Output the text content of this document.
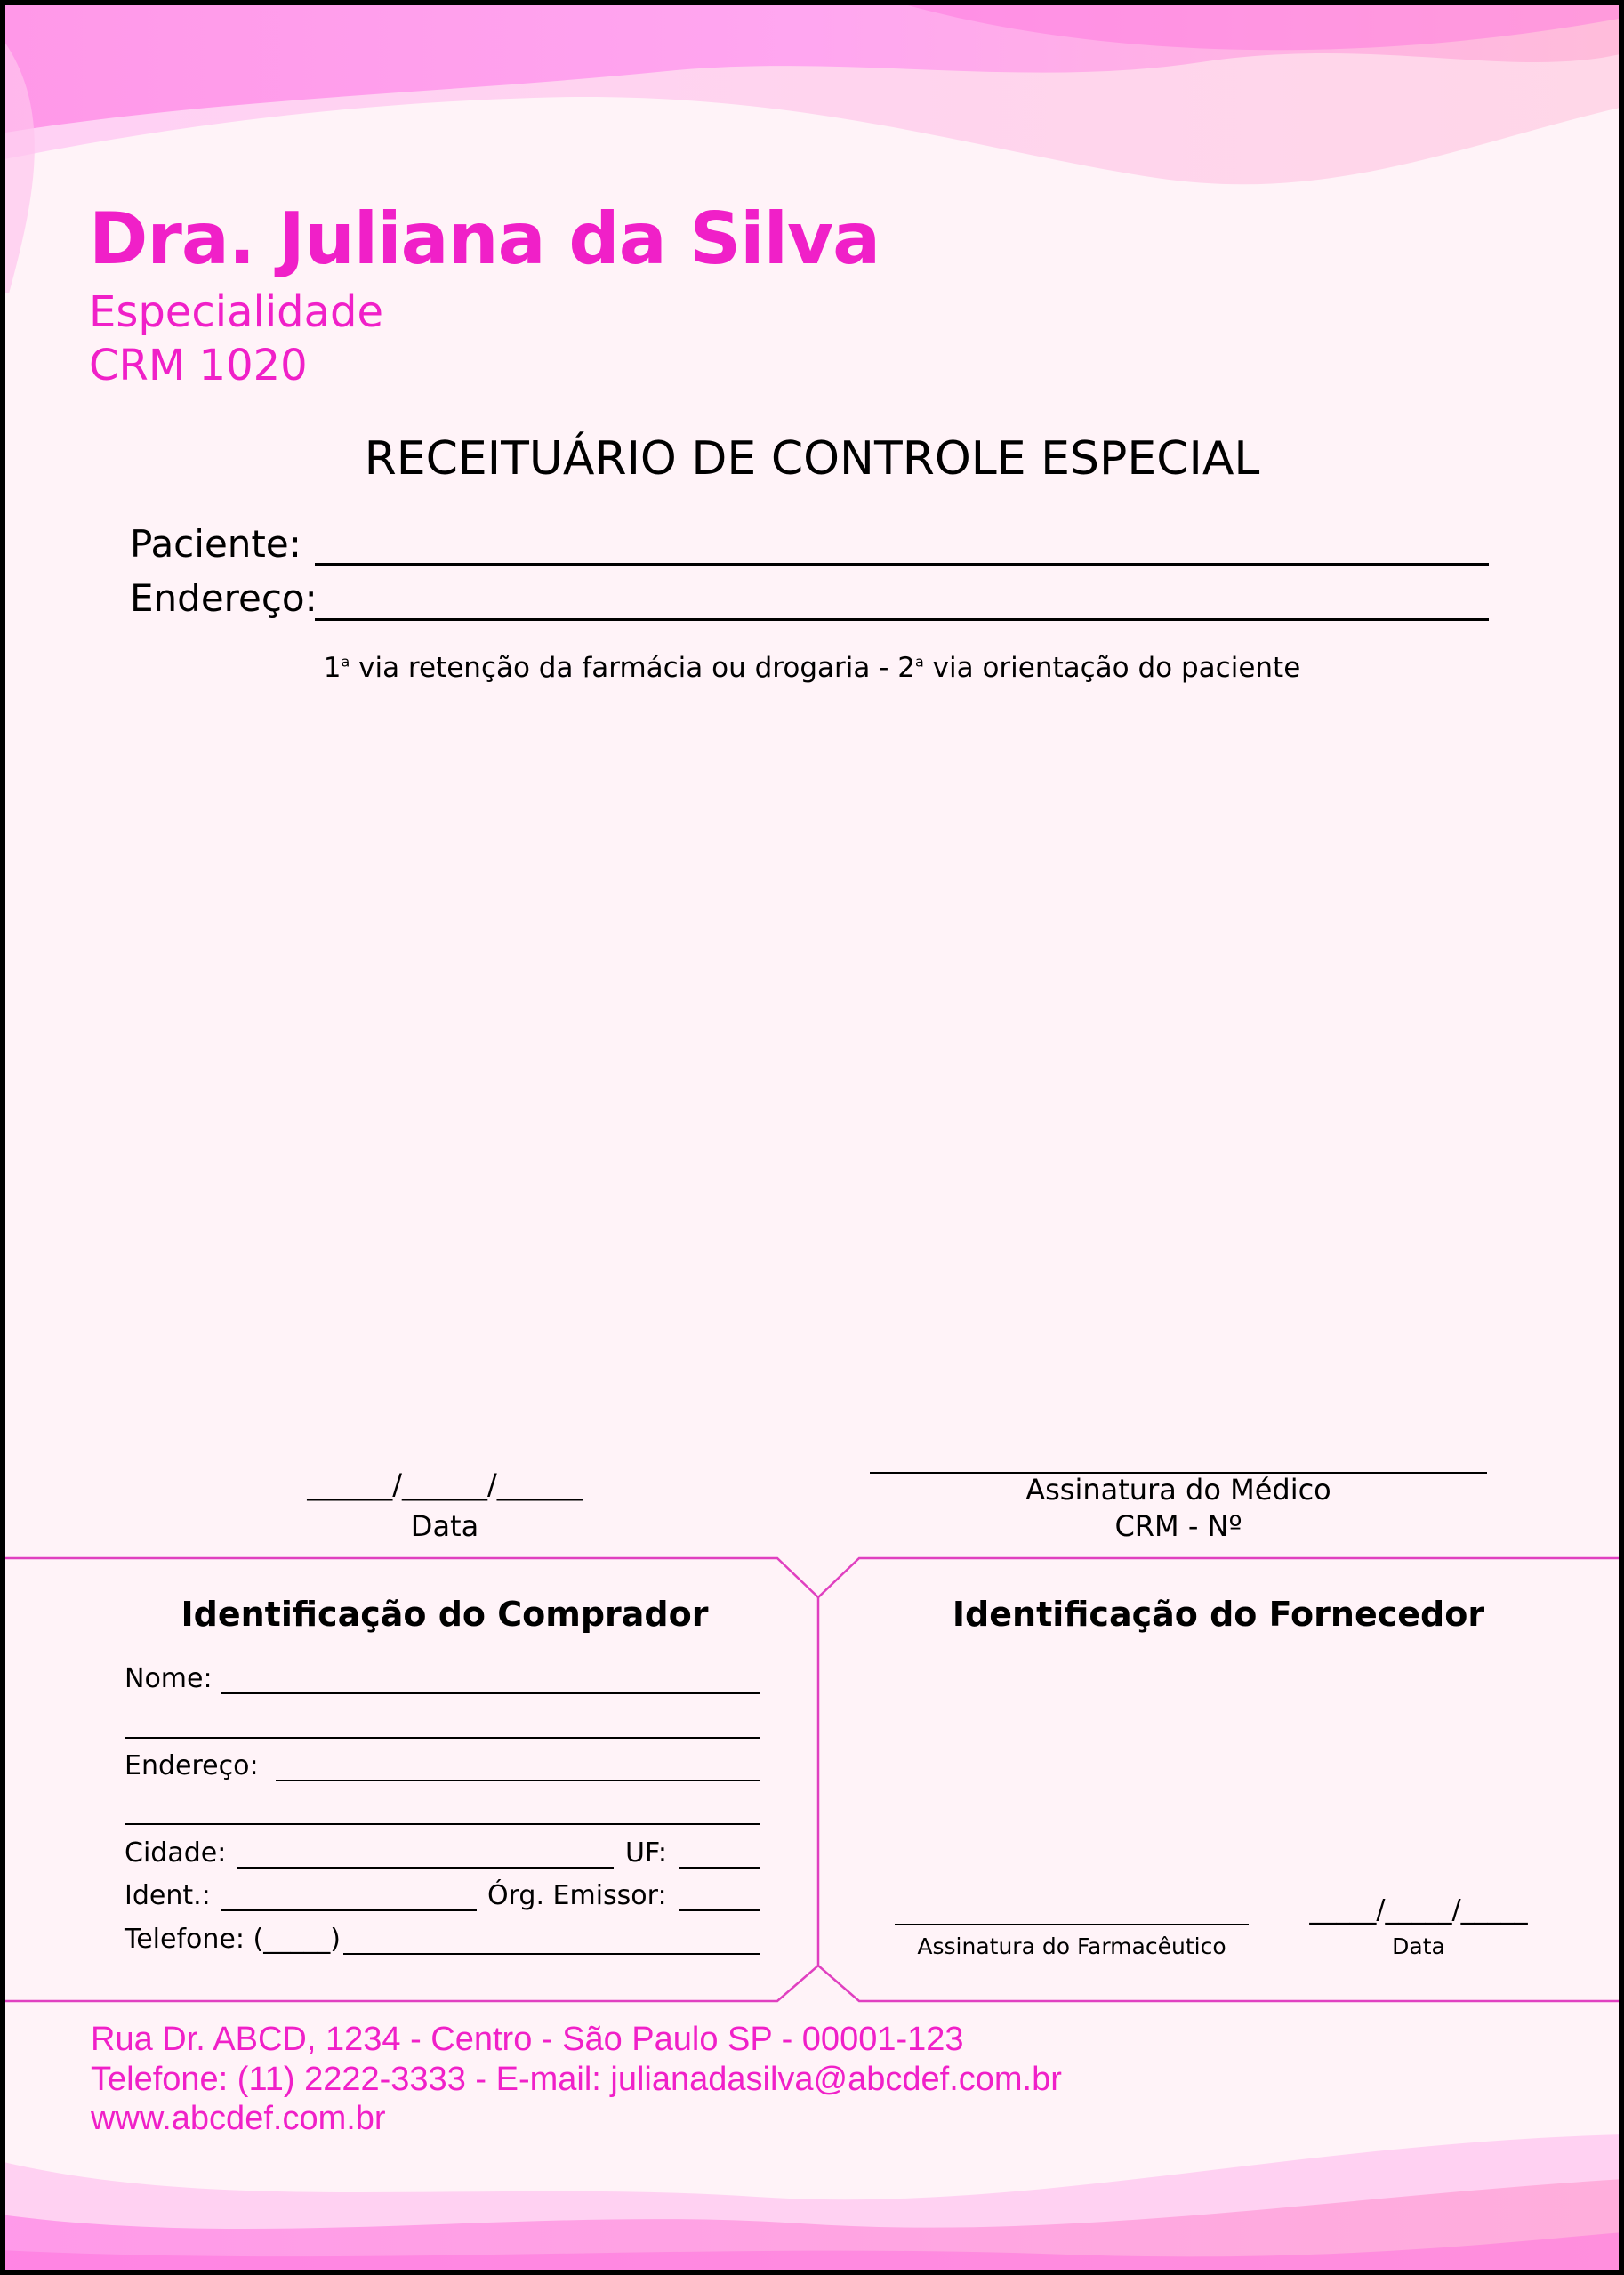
Dra. Juliana da Silva
Especialidade
CRM 1020
RECEITUÁRIO DE CONTROLE ESPECIAL
Paciente:
Endereço:
1$^a$ via retenção da farmácia ou drogaria - 2$^a$ via orientação do paciente
______/______/______
Data
Assinatura do Médico
CRM - Nº
Identificação do Comprador
Nome:
Endereço:
Cidade:	UF:
Ident.:	Órg. Emissor:
Telefone: (_____)
Identificação do Fornecedor
Assinatura do Farmacêutico
_____/_____/_____
Data
Rua Dr. ABCD, 1234 - Centro - São Paulo SP - 00001-123
Telefone: (11) 2222-3333 - E-mail: julianadasilva@abcdef.com.br
www.abcdef.com.br
